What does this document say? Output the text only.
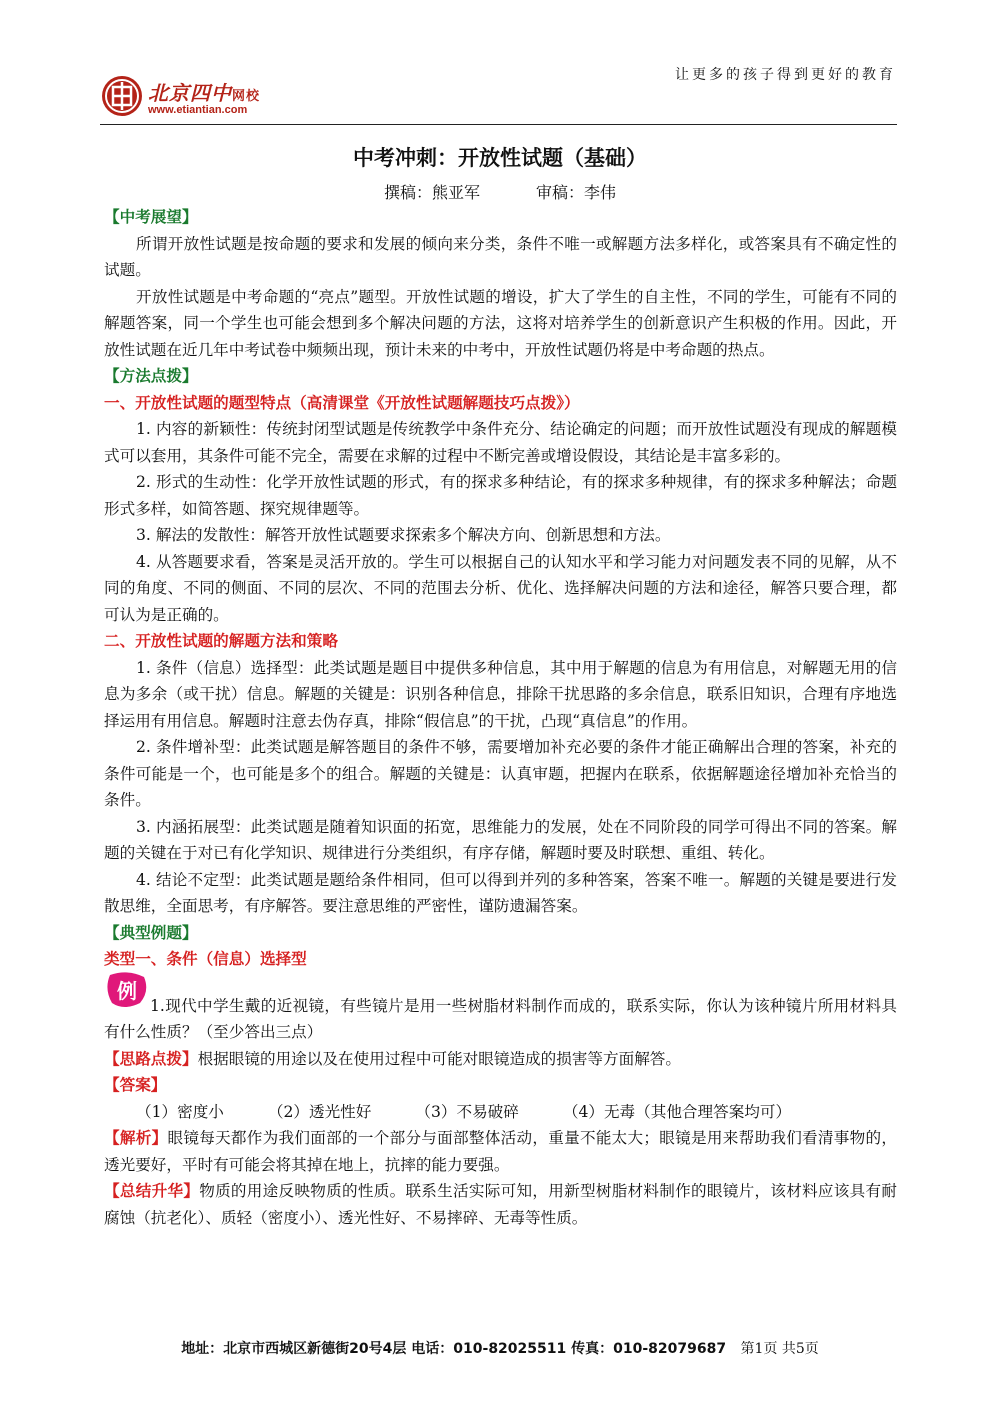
北京四中网校
www.etiantian.com
让更多的孩子得到更好的教育
中考冲刺：开放性试题（基础）
撰稿：熊亚军	审稿：李伟

【中考展望】

所谓开放性试题是按命题的要求和发展的倾向来分类，条件不唯一或解题方法多样化，或答案具有不确定性的试题。

开放性试题是中考命题的“亮点”题型。开放性试题的增设，扩大了学生的自主性，不同的学生，可能有不同的解题答案，同一个学生也可能会想到多个解决问题的方法，这将对培养学生的创新意识产生积极的作用。因此，开放性试题在近几年中考试卷中频频出现，预计未来的中考中，开放性试题仍将是中考命题的热点。

【方法点拨】

一、开放性试题的题型特点（高清课堂《开放性试题解题技巧点拨》）

1. 内容的新颖性：传统封闭型试题是传统教学中条件充分、结论确定的问题；而开放性试题没有现成的解题模式可以套用，其条件可能不完全，需要在求解的过程中不断完善或增设假设，其结论是丰富多彩的。

2. 形式的生动性：化学开放性试题的形式，有的探求多种结论，有的探求多种规律，有的探求多种解法；命题形式多样，如简答题、探究规律题等。

3. 解法的发散性：解答开放性试题要求探索多个解决方向、创新思想和方法。

4. 从答题要求看，答案是灵活开放的。学生可以根据自己的认知水平和学习能力对问题发表不同的见解，从不同的角度、不同的侧面、不同的层次、不同的范围去分析、优化、选择解决问题的方法和途径，解答只要合理，都可认为是正确的。

二、开放性试题的解题方法和策略

1. 条件（信息）选择型：此类试题是题目中提供多种信息，其中用于解题的信息为有用信息，对解题无用的信息为多余（或干扰）信息。解题的关键是：识别各种信息，排除干扰思路的多余信息，联系旧知识，合理有序地选择运用有用信息。解题时注意去伪存真，排除“假信息”的干扰，凸现“真信息”的作用。

2. 条件增补型：此类试题是解答题目的条件不够，需要增加补充必要的条件才能正确解出合理的答案，补充的条件可能是一个，也可能是多个的组合。解题的关键是：认真审题，把握内在联系，依据解题途径增加补充恰当的条件。

3. 内涵拓展型：此类试题是随着知识面的拓宽，思维能力的发展，处在不同阶段的同学可得出不同的答案。解题的关键在于对已有化学知识、规律进行分类组织，有序存储，解题时要及时联想、重组、转化。

4. 结论不定型：此类试题是题给条件相同，但可以得到并列的多种答案，答案不唯一。解题的关键是要进行发散思维，全面思考，有序解答。要注意思维的严密性，谨防遗漏答案。

【典型例题】

类型一、条件（信息）选择型

例

1.现代中学生戴的近视镜，有些镜片是用一些树脂材料制作而成的，联系实际，你认为该种镜片所用材料具有什么性质？（至少答出三点）

【思路点拨】根据眼镜的用途以及在使用过程中可能对眼镜造成的损害等方面解答。

【答案】

（1）密度小	（2）透光性好	（3）不易破碎	（4）无毒（其他合理答案均可）

【解析】眼镜每天都作为我们面部的一个部分与面部整体活动，重量不能太大；眼镜是用来帮助我们看清事物的，透光要好，平时有可能会将其掉在地上，抗摔的能力要强。

【总结升华】物质的用途反映物质的性质。联系生活实际可知，用新型树脂材料制作的眼镜片，该材料应该具有耐腐蚀（抗老化）、质轻（密度小）、透光性好、不易摔碎、无毒等性质。

地址：北京市西城区新德街20号4层 电话：010-82025511 传真：010-82079687 第1页 共5页
